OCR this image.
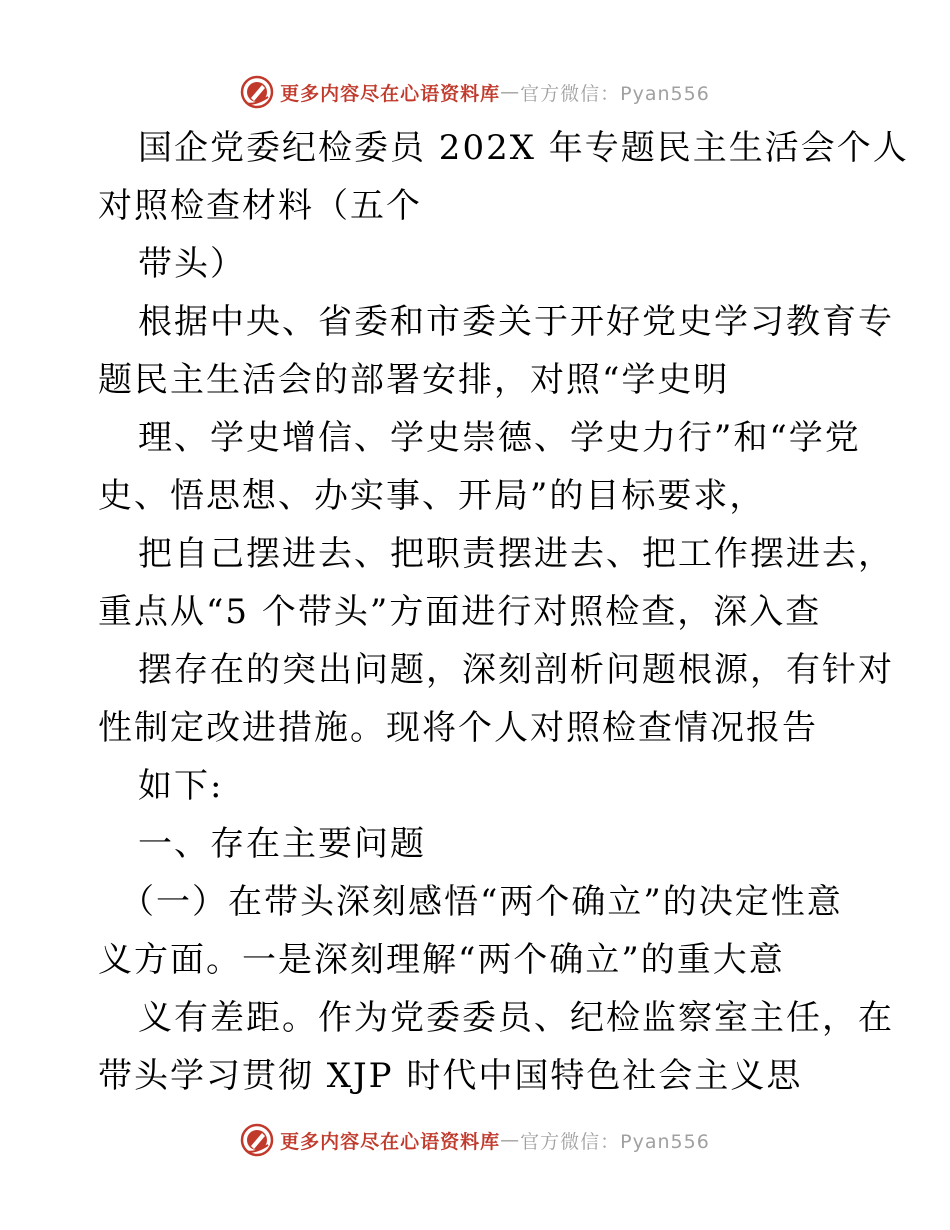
更多内容尽在心语资料库 — 官方微信：Pyan556
国企党委纪检委员 202X 年专题民主生活会个人
对照检查材料（五个
带头）
根据中央、省委和市委关于开好党史学习教育专
题民主生活会的部署安排，对照“学史明
理、学史增信、学史崇德、学史力行”和“学党
史、悟思想、办实事、开局”的目标要求，
把自己摆进去、把职责摆进去、把工作摆进去，
重点从“5 个带头”方面进行对照检查，深入查
摆存在的突出问题，深刻剖析问题根源，有针对
性制定改进措施。现将个人对照检查情况报告
如下:
一、存在主要问题
（一）在带头深刻感悟“两个确立”的决定性意
义方面。一是深刻理解“两个确立”的重大意
义有差距。作为党委委员、纪检监察室主任，在
带头学习贯彻 XJP 时代中国特色社会主义思
更多内容尽在心语资料库 — 官方微信：Pyan556
